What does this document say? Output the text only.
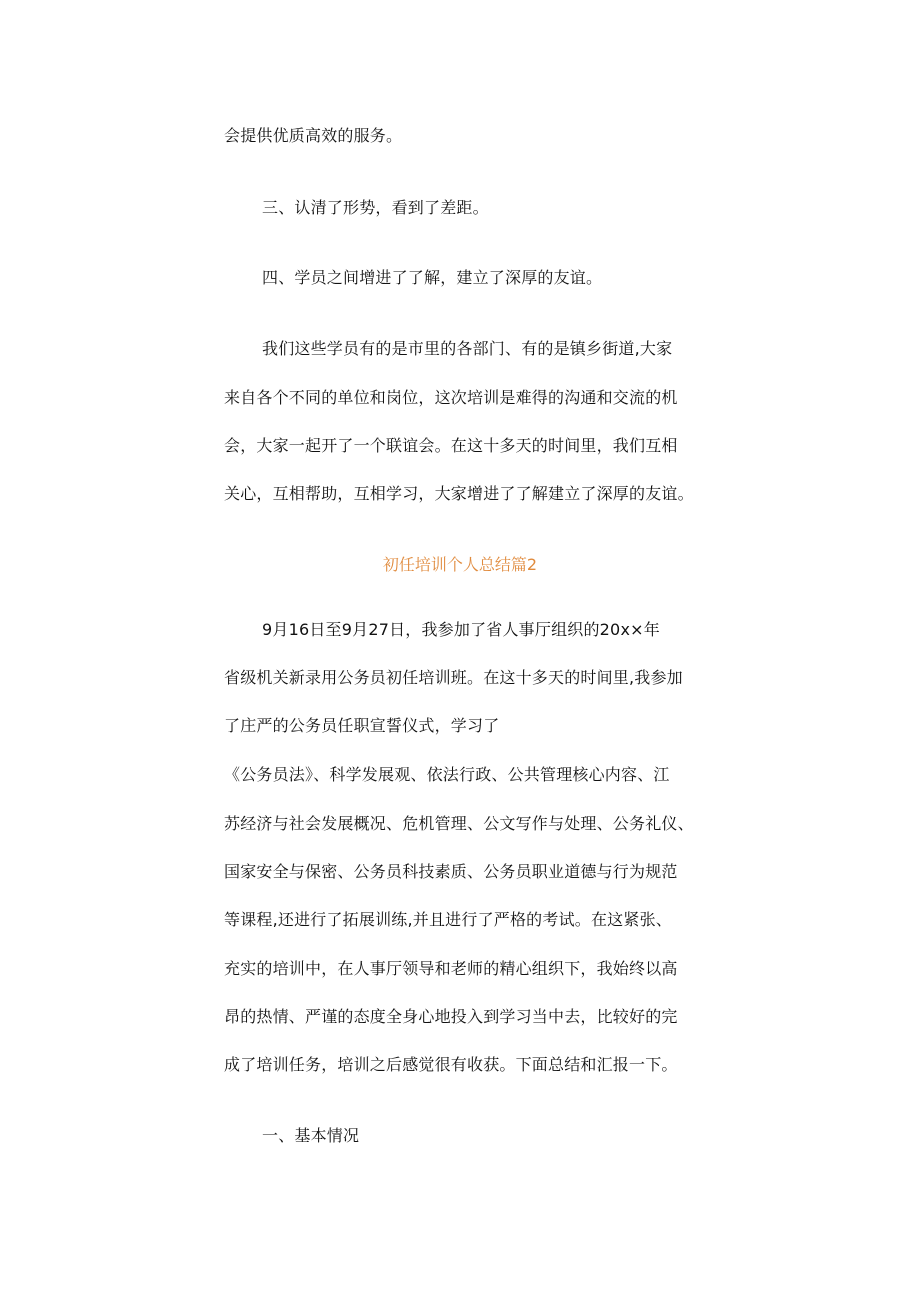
会提供优质高效的服务。
三、认清了形势，看到了差距。
四、学员之间增进了了解，建立了深厚的友谊。
我们这些学员有的是市里的各部门、有的是镇乡街道,大家
来自各个不同的单位和岗位，这次培训是难得的沟通和交流的机
会，大家一起开了一个联谊会。在这十多天的时间里，我们互相
关心，互相帮助，互相学习，大家增进了了解建立了深厚的友谊。
初任培训个人总结篇2
9月16日至9月27日，我参加了省人事厅组织的20x×年
省级机关新录用公务员初任培训班。在这十多天的时间里,我参加
了庄严的公务员任职宣誓仪式，学习了
《公务员法》、科学发展观、依法行政、公共管理核心内容、江
苏经济与社会发展概况、危机管理、公文写作与处理、公务礼仪、
国家安全与保密、公务员科技素质、公务员职业道德与行为规范
等课程,还进行了拓展训练,并且进行了严格的考试。在这紧张、
充实的培训中，在人事厅领导和老师的精心组织下，我始终以高
昂的热情、严谨的态度全身心地投入到学习当中去，比较好的完
成了培训任务，培训之后感觉很有收获。下面总结和汇报一下。
一、基本情况
